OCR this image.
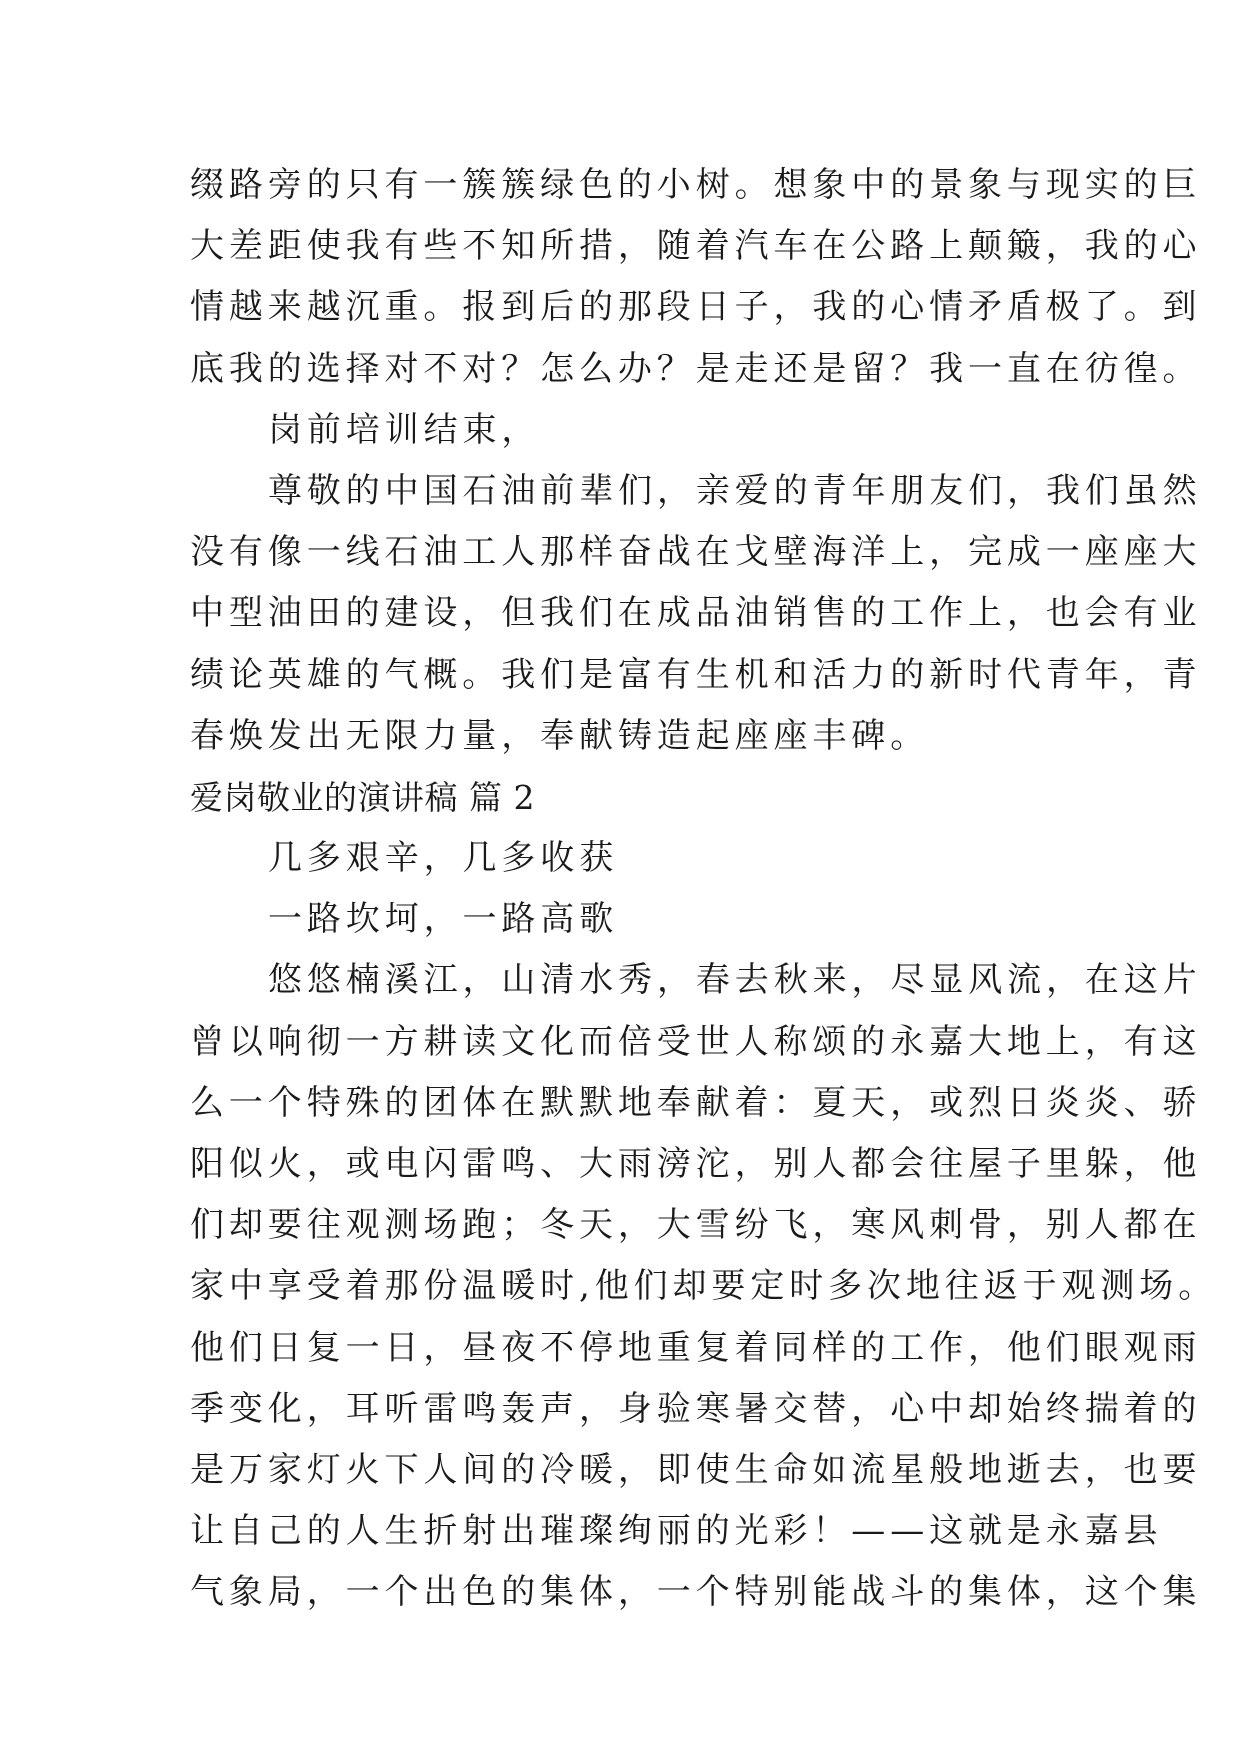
缀路旁的只有一簇簇绿色的小树。想象中的景象与现实的巨
大差距使我有些不知所措，随着汽车在公路上颠簸，我的心
情越来越沉重。报到后的那段日子，我的心情矛盾极了。到
底我的选择对不对？怎么办？是走还是留？我一直在彷徨。
岗前培训结束，
尊敬的中国石油前辈们，亲爱的青年朋友们，我们虽然
没有像一线石油工人那样奋战在戈壁海洋上，完成一座座大
中型油田的建设，但我们在成品油销售的工作上，也会有业
绩论英雄的气概。我们是富有生机和活力的新时代青年，青
春焕发出无限力量，奉献铸造起座座丰碑。
爱岗敬业的演讲稿 篇 2
几多艰辛，几多收获
一路坎坷，一路高歌
悠悠楠溪江，山清水秀，春去秋来，尽显风流，在这片
曾以响彻一方耕读文化而倍受世人称颂的永嘉大地上，有这
么一个特殊的团体在默默地奉献着：夏天，或烈日炎炎、骄
阳似火，或电闪雷鸣、大雨滂沱，别人都会往屋子里躲，他
们却要往观测场跑；冬天，大雪纷飞，寒风刺骨，别人都在
家中享受着那份温暖时,他们却要定时多次地往返于观测场。
他们日复一日，昼夜不停地重复着同样的工作，他们眼观雨
季变化，耳听雷鸣轰声，身验寒暑交替，心中却始终揣着的
是万家灯火下人间的冷暖，即使生命如流星般地逝去，也要
让自己的人生折射出璀璨绚丽的光彩！——这就是永嘉县
气象局，一个出色的集体，一个特别能战斗的集体，这个集
